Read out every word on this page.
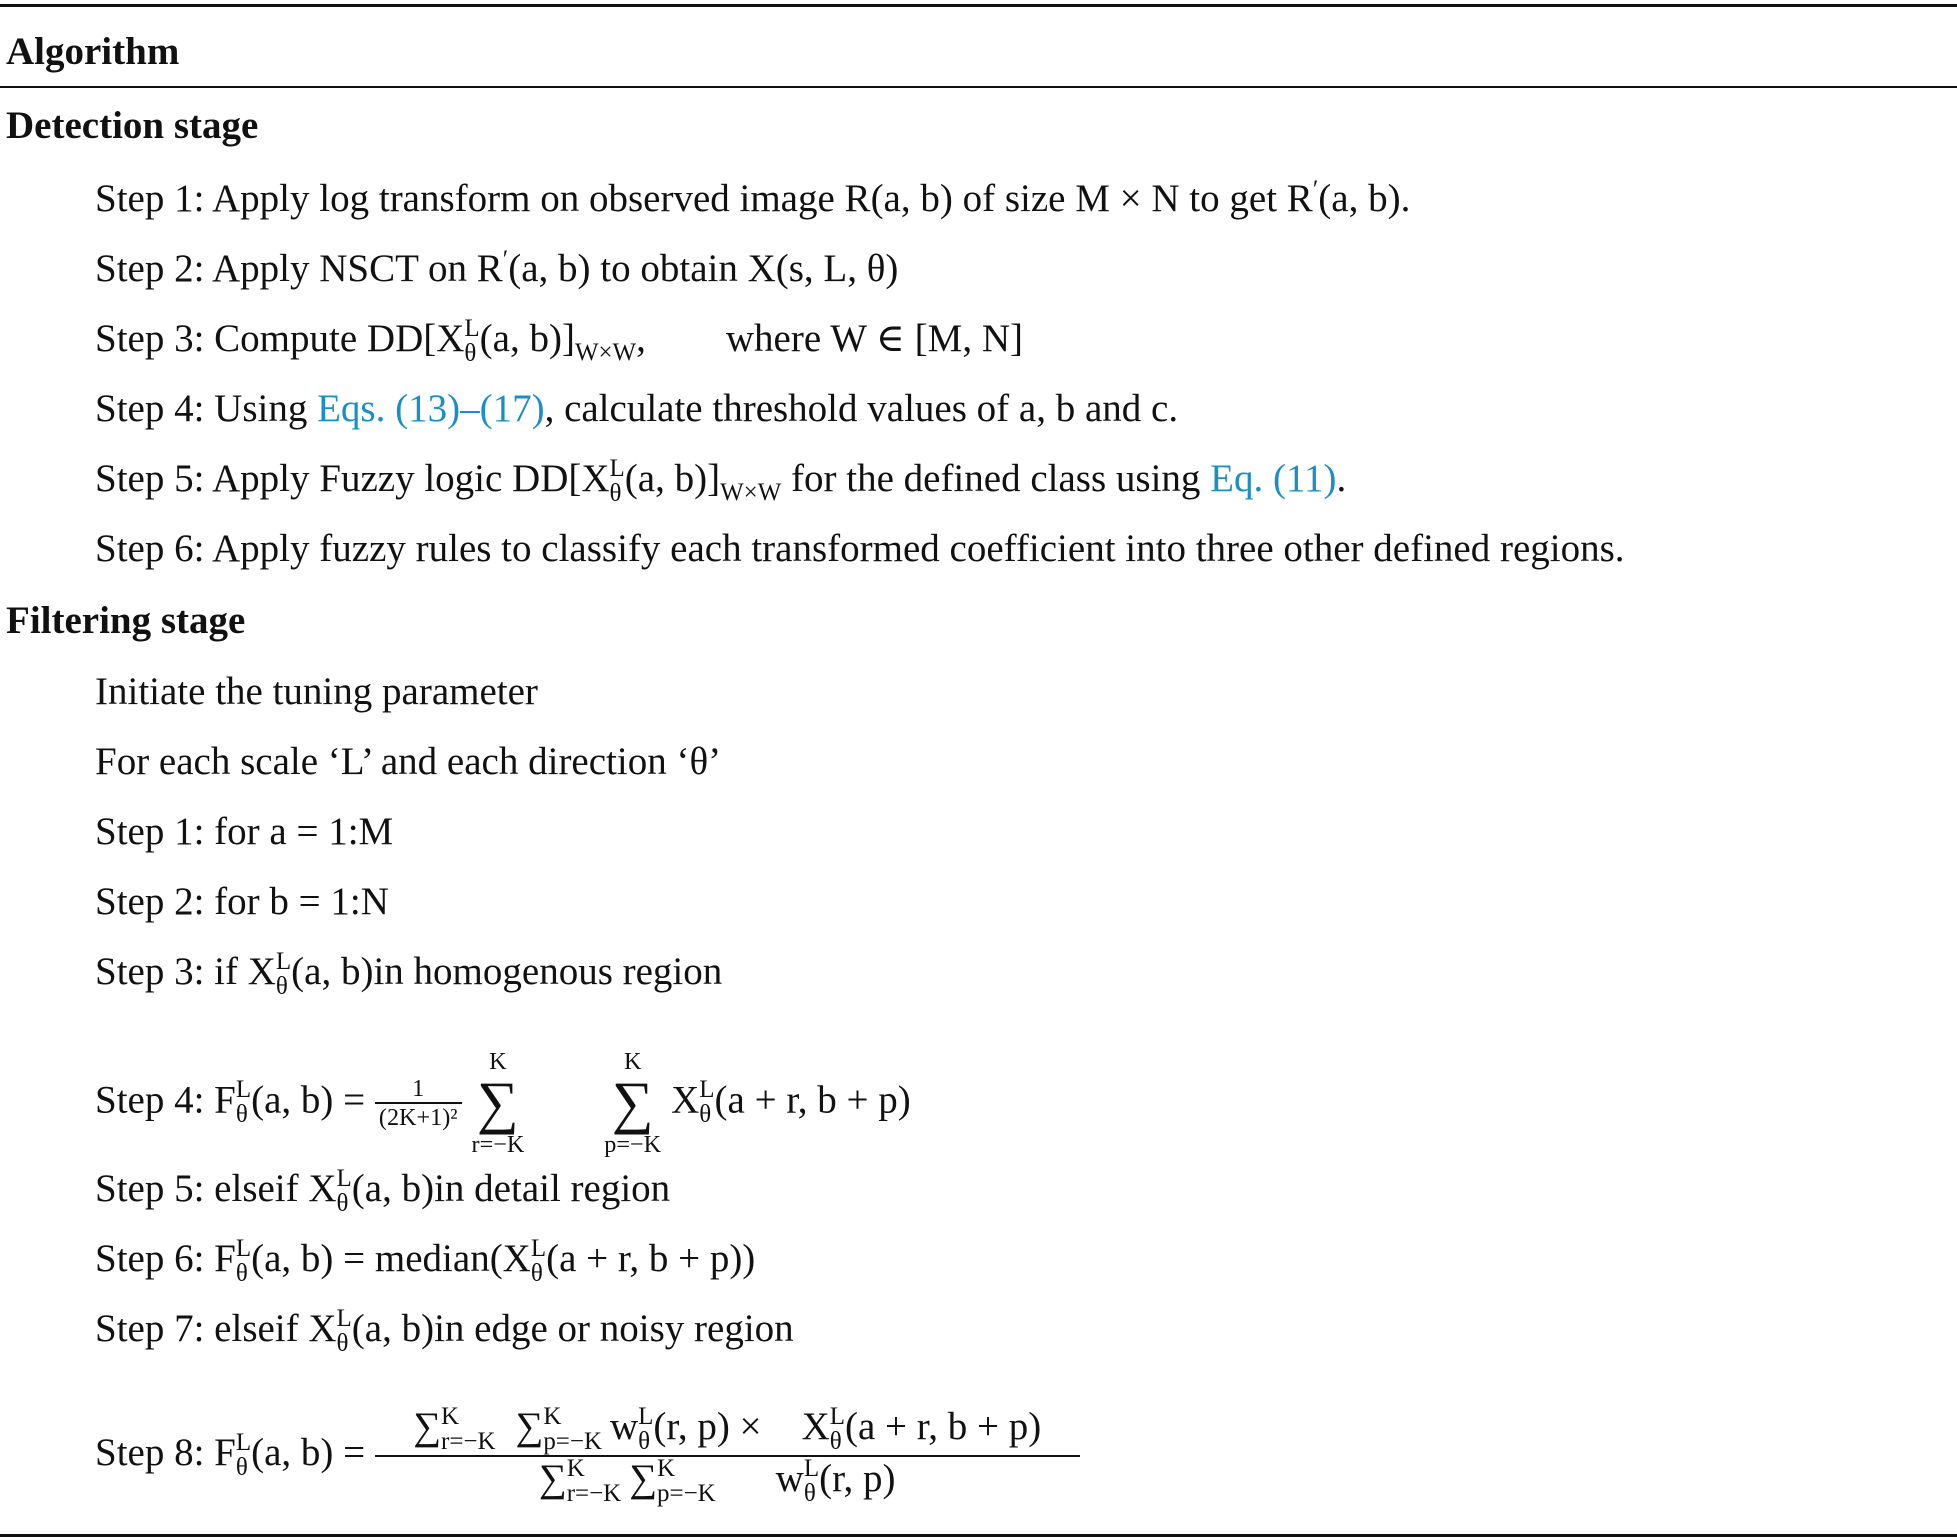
Algorithm
Detection stage
Step 1: Apply log transform on observed image R(a, b) of size M × N to get R′(a, b).
Step 2: Apply NSCT on R′(a, b) to obtain X(s, L, θ)
Step 3: Compute DD[X L
θ (a, $b)]_{W\times W}$, where W ∈ [M, N]
Step 4: Using Eqs. (13)–(17), calculate threshold values of a, b and c.
Step 5: Apply Fuzzy logic DD[X L
θ (a, $b)]_{W\times W}$ for the defined class using Eq. (11).
Step 6: Apply fuzzy rules to classify each transformed coefficient into three other defined regions.
Filtering stage
Initiate the tuning parameter
For each scale ‘L’ and each direction ‘θ’
Step 1: for a = 1:M
Step 2: for b = 1:N
Step 3: if X L
θ (a, b)in homogenous region
Step 4: F L
θ (a, $b) = \frac{1}{\text{(2K+1)²}}$
K
∑
r=−K
K
∑
p=−K
X L
θ (a + r, b + p)
Step 5: elseif X L
θ (a, b)in detail region
Step 6: F L
θ (a, b) = median(X L
θ (a + r, b + p))
Step 7: elseif X L
θ (a, b)in edge or noisy region
Step 8: F L
θ (a, b) = ∑ K
r=−K ∑ K
p=−K w L
θ (r, p) × X L
θ (a + r, b + p)
∑ K
r=−K ∑ K
p=−K w L
θ (r, p)
